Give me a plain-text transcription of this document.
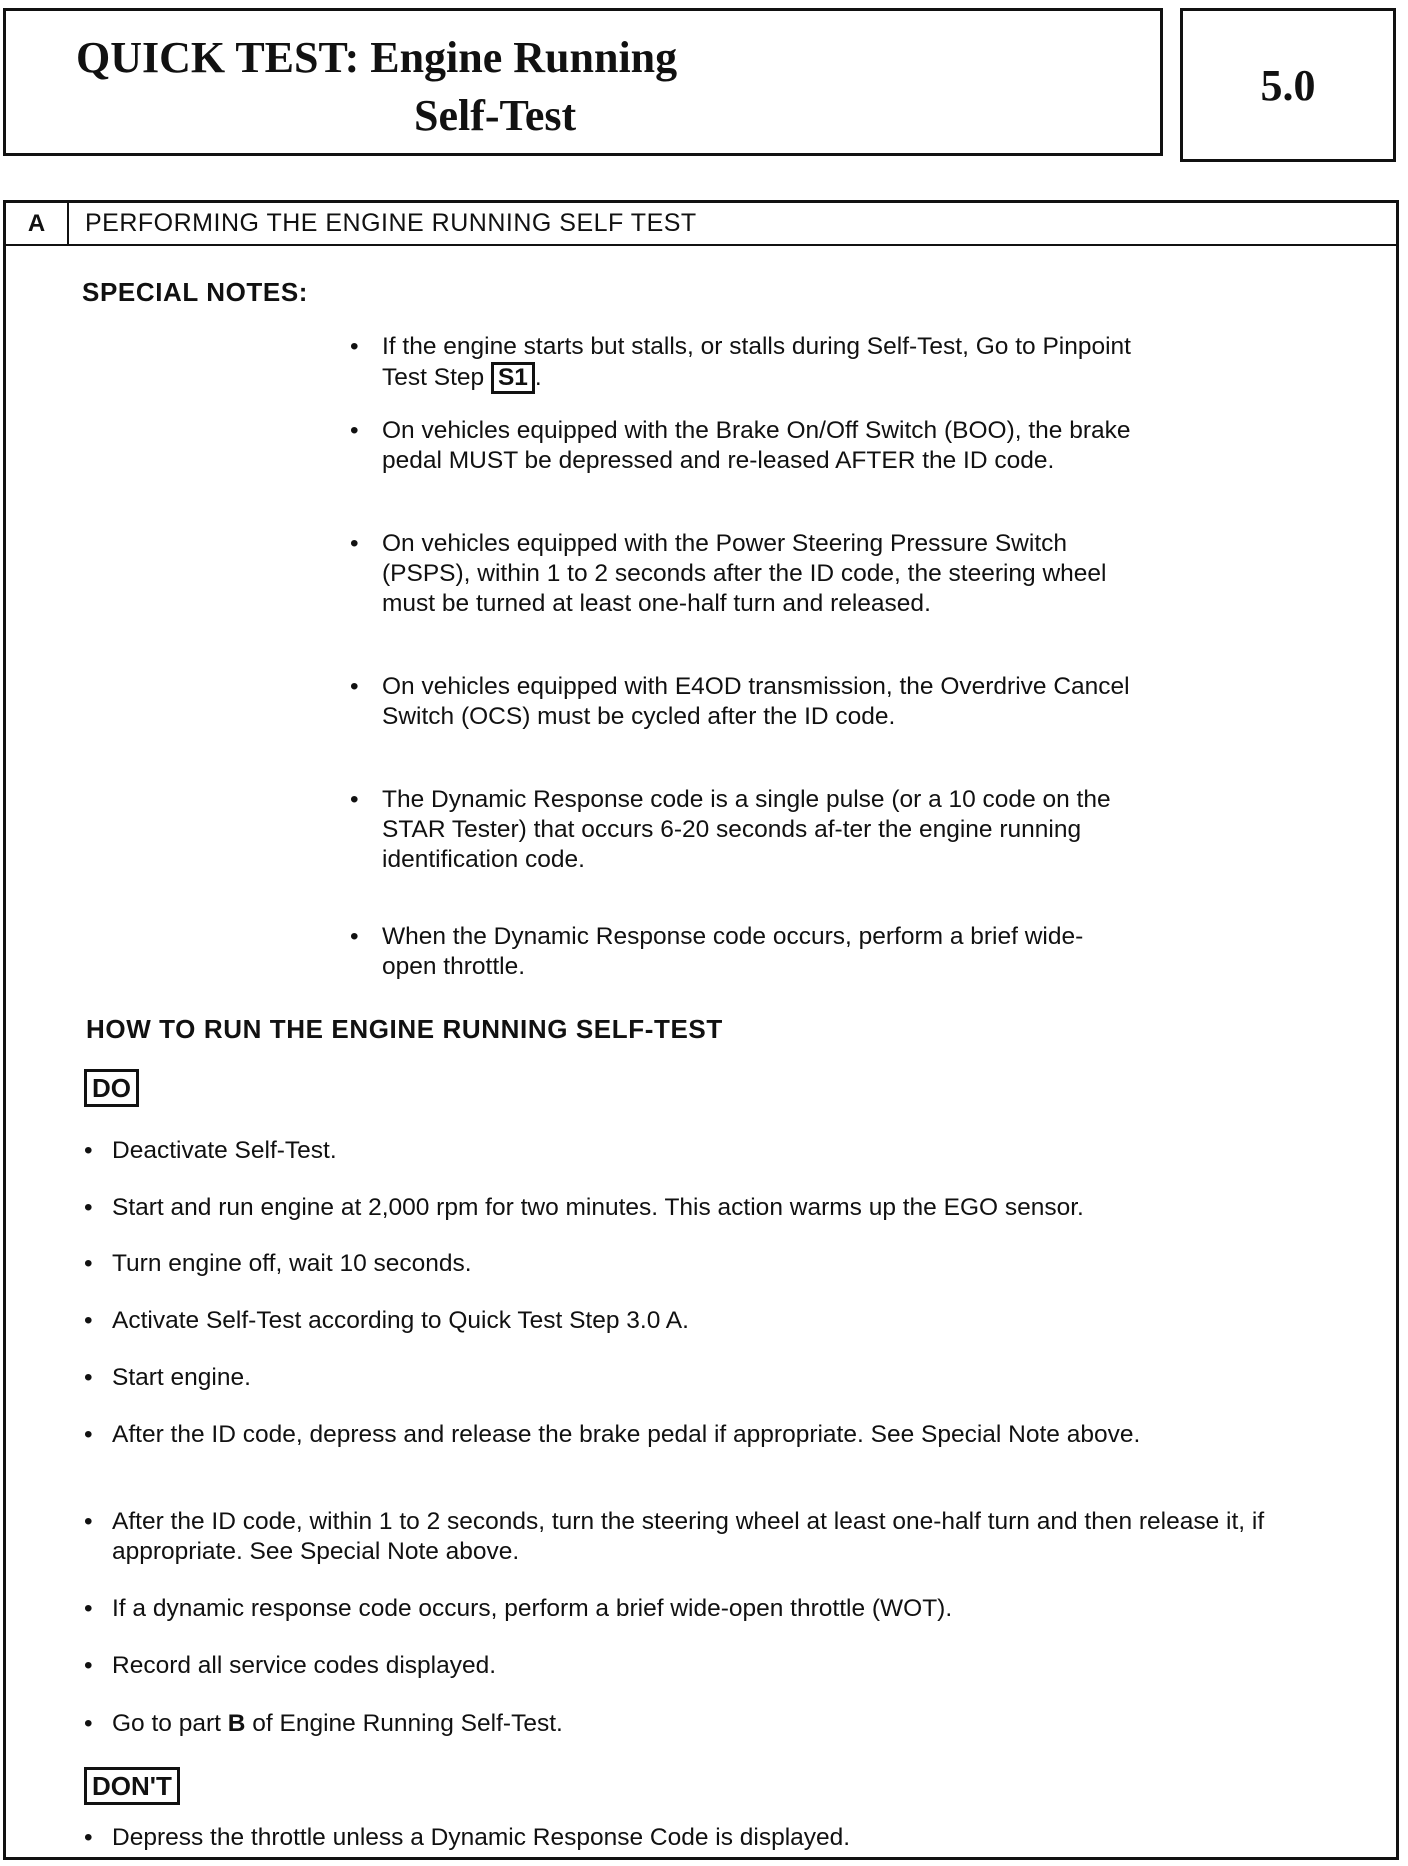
QUICK TEST: Engine Running
Self-Test
5.0
A	PERFORMING THE ENGINE RUNNING SELF TEST
SPECIAL NOTES:
• If the engine starts but stalls, or stalls during Self-Test, Go to Pinpoint Test Step S1 .
• On vehicles equipped with the Brake On/Off Switch (BOO), the brake pedal MUST be depressed and re-leased AFTER the ID code.
• On vehicles equipped with the Power Steering Pressure Switch (PSPS), within 1 to 2 seconds after the ID code, the steering wheel must be turned at least one-half turn and released.
• On vehicles equipped with E4OD transmission, the Overdrive Cancel Switch (OCS) must be cycled after the ID code.
• The Dynamic Response code is a single pulse (or a 10 code on the STAR Tester) that occurs 6-20 seconds af-ter the engine running identification code.
• When the Dynamic Response code occurs, perform a brief wide-open throttle.
HOW TO RUN THE ENGINE RUNNING SELF-TEST
DO
• Deactivate Self-Test.
• Start and run engine at 2,000 rpm for two minutes. This action warms up the EGO sensor.
• Turn engine off, wait 10 seconds.
• Activate Self-Test according to Quick Test Step 3.0 A.
• Start engine.
• After the ID code, depress and release the brake pedal if appropriate. See Special Note above.
• After the ID code, within 1 to 2 seconds, turn the steering wheel at least one-half turn and then release it, if appropriate. See Special Note above.
• If a dynamic response code occurs, perform a brief wide-open throttle (WOT).
• Record all service codes displayed.
• Go to part B of Engine Running Self-Test.
DON'T
• Depress the throttle unless a Dynamic Response Code is displayed.
